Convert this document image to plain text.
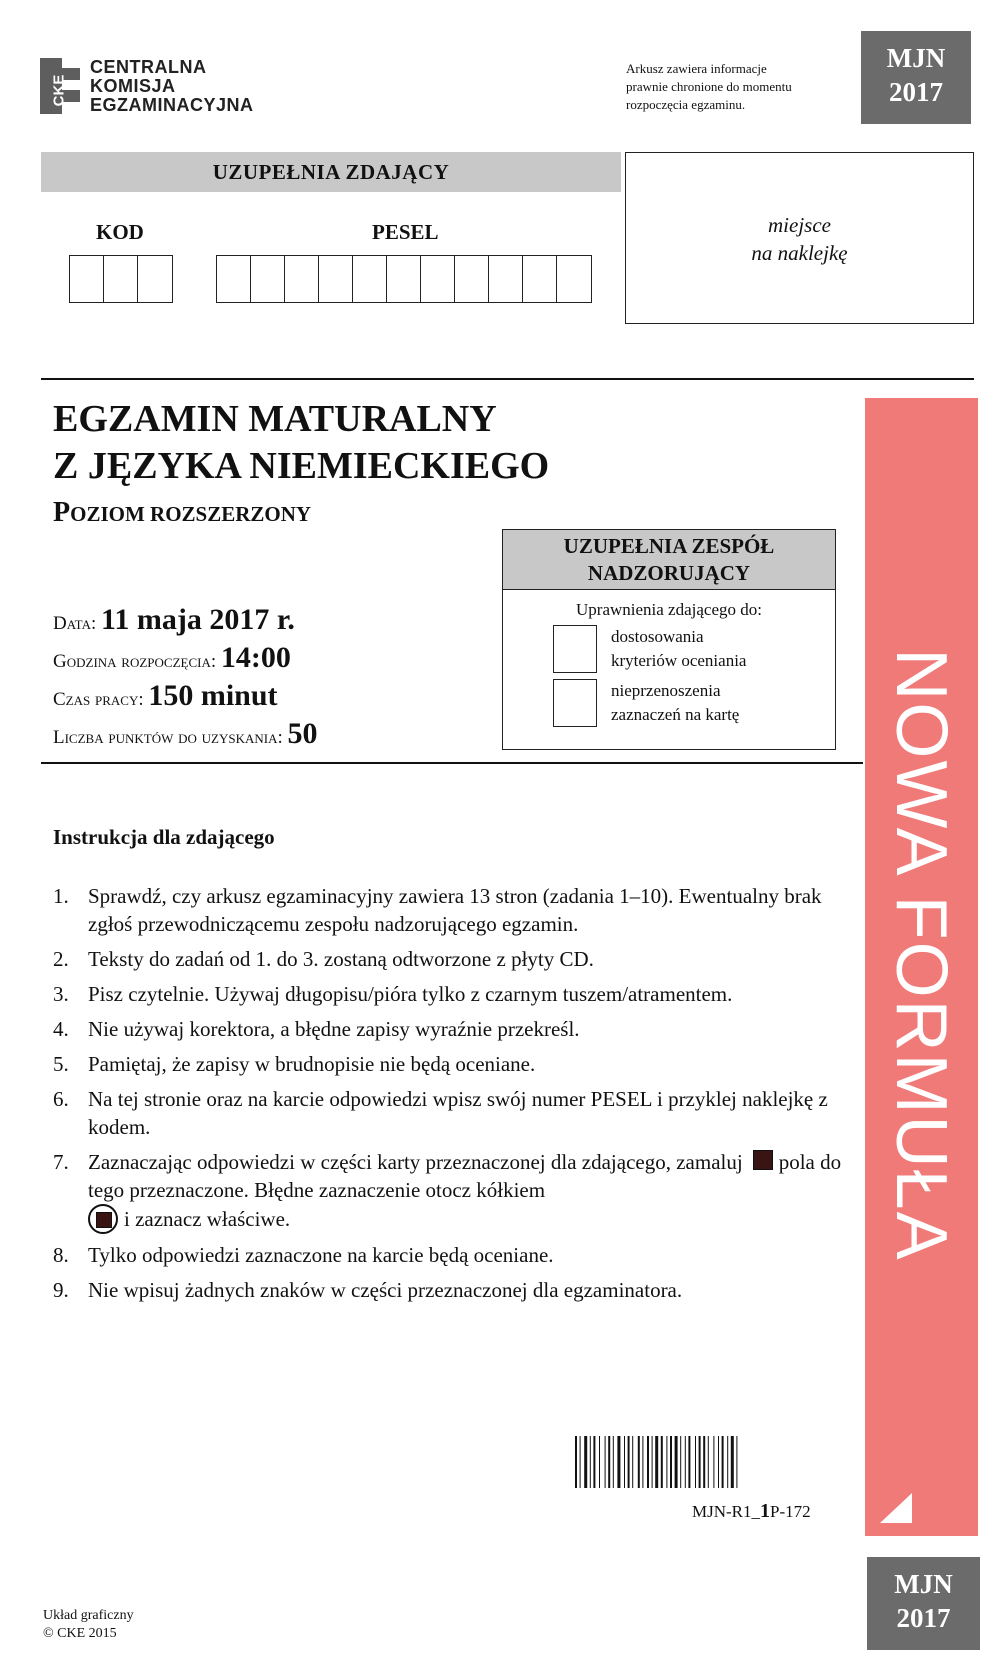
CKE
CENTRALNA
KOMISJA
EGZAMINACYJNA
Arkusz zawiera informacje
prawnie chronione do momentu
rozpoczęcia egzaminu.
MJN
2017
UZUPEŁNIA ZDAJĄCY
KOD	PESEL	miejsce
na naklejkę
NOWA FORMUŁA
EGZAMIN MATURALNY
Z JĘZYKA NIEMIECKIEGO
POZIOM ROZSZERZONY
Data: 11 maja 2017 r.
Godzina rozpoczęcia: 14:00
Czas pracy: 150 minut
Liczba punktów do uzyskania: 50
UZUPEŁNIA ZESPÓŁ
NADZORUJĄCY
Uprawnienia zdającego do:
dostosowania
kryteriów oceniania
nieprzenoszenia
zaznaczeń na kartę
Instrukcja dla zdającego
1. Sprawdź, czy arkusz egzaminacyjny zawiera 13 stron (zadania 1–10). Ewentualny brak zgłoś przewodniczącemu zespołu nadzorującego egzamin.
2. Teksty do zadań od 1. do 3. zostaną odtworzone z płyty CD.
3. Pisz czytelnie. Używaj długopisu/pióra tylko z czarnym tuszem/atramentem.
4. Nie używaj korektora, a błędne zapisy wyraźnie przekreśl.
5. Pamiętaj, że zapisy w brudnopisie nie będą oceniane.
6. Na tej stronie oraz na karcie odpowiedzi wpisz swój numer PESEL i przyklej naklejkę z kodem.
7. Zaznaczając odpowiedzi w części karty przeznaczonej dla zdającego, zamaluj pola do tego przeznaczone. Błędne zaznaczenie otocz kółkiem
i zaznacz właściwe.
8. Tylko odpowiedzi zaznaczone na karcie będą oceniane.
9. Nie wpisuj żadnych znaków w części przeznaczonej dla egzaminatora.
MJN-R1_1P-172
MJN
2017
Układ graficzny
© CKE 2015
